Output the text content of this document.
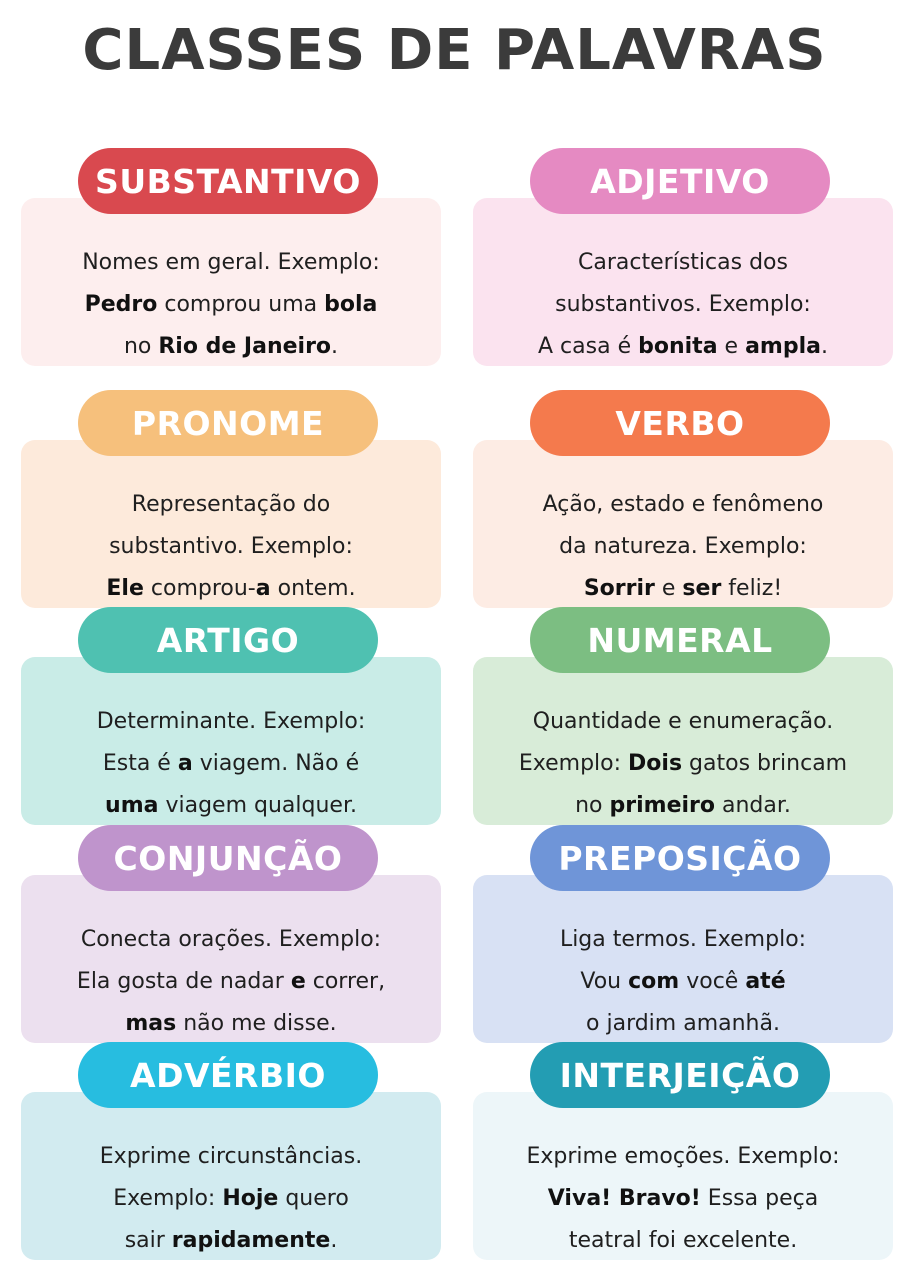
CLASSES DE PALAVRAS
SUBSTANTIVO
Nomes em geral. Exemplo:
Pedro comprou uma bola
no Rio de Janeiro.
ADJETIVO
Características dos
substantivos. Exemplo:
A casa é bonita e ampla.
PRONOME
Representação do
substantivo. Exemplo:
Ele comprou-a ontem.
VERBO
Ação, estado e fenômeno
da natureza. Exemplo:
Sorrir e ser feliz!
ARTIGO
Determinante. Exemplo:
Esta é a viagem. Não é
uma viagem qualquer.
NUMERAL
Quantidade e enumeração.
Exemplo: Dois gatos brincam
no primeiro andar.
CONJUNÇÃO
Conecta orações. Exemplo:
Ela gosta de nadar e correr,
mas não me disse.
PREPOSIÇÃO
Liga termos. Exemplo:
Vou com você até
o jardim amanhã.
ADVÉRBIO
Exprime circunstâncias.
Exemplo: Hoje quero
sair rapidamente.
INTERJEIÇÃO
Exprime emoções. Exemplo:
Viva! Bravo! Essa peça
teatral foi excelente.
